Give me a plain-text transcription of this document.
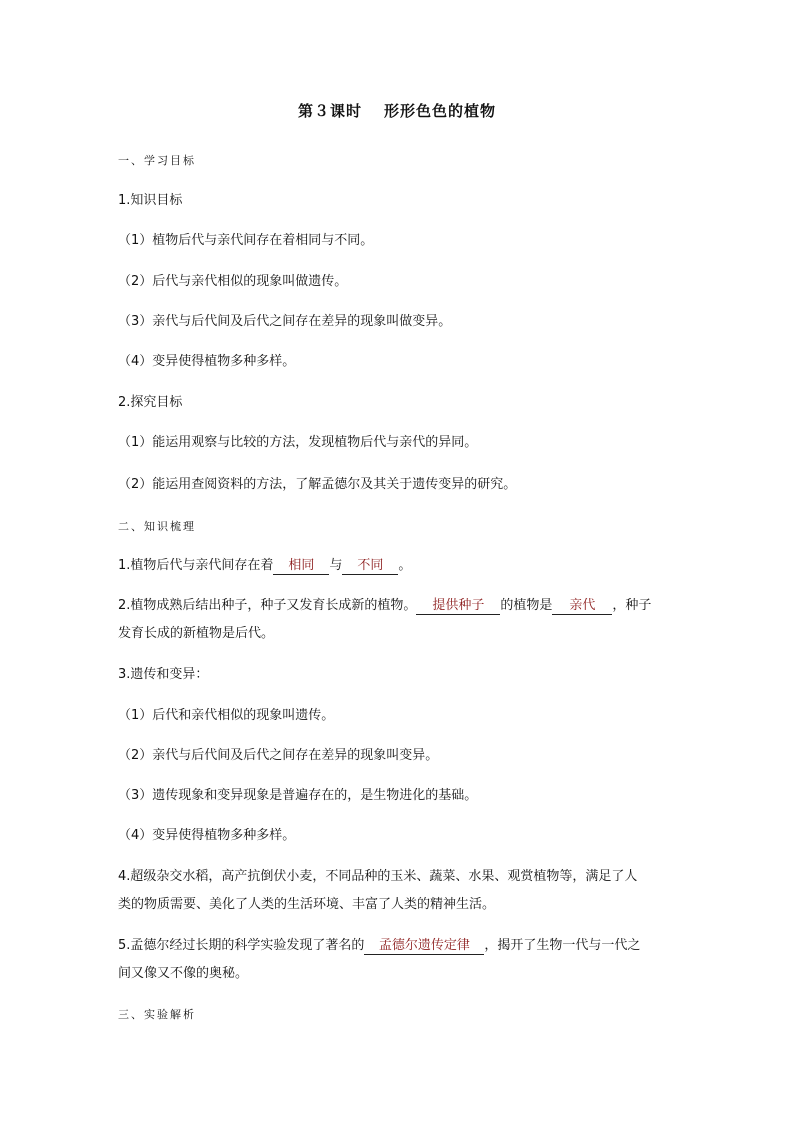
第３课时 形形色色的植物
一、学习目标
1.知识目标
（1）植物后代与亲代间存在着相同与不同。
（2）后代与亲代相似的现象叫做遗传。
（3）亲代与后代间及后代之间存在差异的现象叫做变异。
（4）变异使得植物多种多样。
2.探究目标
（1）能运用观察与比较的方法，发现植物后代与亲代的异同。
（2）能运用查阅资料的方法，了解孟德尔及其关于遗传变异的研究。
二、知识梳理
1.植物后代与亲代间存在着 相同 与 不同 。
2.植物成熟后结出种子，种子又发育长成新的植物。 提供种子 的植物是 亲代 ，种子
发育长成的新植物是后代。
3.遗传和变异：
（1）后代和亲代相似的现象叫遗传。
（2）亲代与后代间及后代之间存在差异的现象叫变异。
（3）遗传现象和变异现象是普遍存在的，是生物进化的基础。
（4）变异使得植物多种多样。
4.超级杂交水稻，高产抗倒伏小麦，不同品种的玉米、蔬菜、水果、观赏植物等，满足了人
类的物质需要、美化了人类的生活环境、丰富了人类的精神生活。
5.孟德尔经过长期的科学实验发现了著名的 孟德尔遗传定律 ，揭开了生物一代与一代之
间又像又不像的奥秘。
三、实验解析
